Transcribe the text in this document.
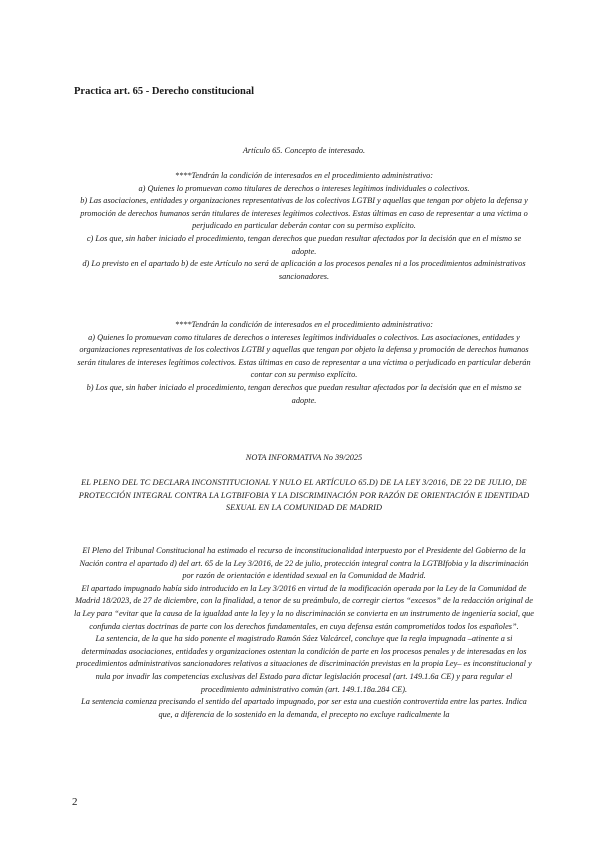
Practica art. 65 - Derecho constitucional

Artículo 65. Concepto de interesado.

****Tendrán la condición de interesados en el procedimiento administrativo:

a) Quienes lo promuevan como titulares de derechos o intereses legítimos individuales o colectivos.

b) Las asociaciones, entidades y organizaciones representativas de los colectivos LGTBI y aquellas que tengan por objeto la defensa y promoción de derechos humanos serán titulares de intereses legítimos colectivos. Estas últimas en caso de representar a una víctima o perjudicado en particular deberán contar con su permiso explícito.

c) Los que, sin haber iniciado el procedimiento, tengan derechos que puedan resultar afectados por la decisión que en el mismo se adopte.

d) Lo previsto en el apartado b) de este Artículo no será de aplicación a los procesos penales ni a los procedimientos administrativos sancionadores.

****Tendrán la condición de interesados en el procedimiento administrativo:

a) Quienes lo promuevan como titulares de derechos o intereses legítimos individuales o colectivos. Las asociaciones, entidades y organizaciones representativas de los colectivos LGTBI y aquellas que tengan por objeto la defensa y promoción de derechos humanos serán titulares de intereses legítimos colectivos. Estas últimas en caso de representar a una víctima o perjudicado en particular deberán contar con su permiso explícito.

b) Los que, sin haber iniciado el procedimiento, tengan derechos que puedan resultar afectados por la decisión que en el mismo se adopte.

NOTA INFORMATIVA No 39/2025

EL PLENO DEL TC DECLARA INCONSTITUCIONAL Y NULO EL ARTÍCULO 65.D) DE LA LEY 3/2016, DE 22 DE JULIO, DE PROTECCIÓN INTEGRAL CONTRA LA LGTBIFOBIA Y LA DISCRIMINACIÓN POR RAZÓN DE ORIENTACIÓN E IDENTIDAD SEXUAL EN LA COMUNIDAD DE MADRID

El Pleno del Tribunal Constitucional ha estimado el recurso de inconstitucionalidad interpuesto por el Presidente del Gobierno de la Nación contra el apartado d) del art. 65 de la Ley 3/2016, de 22 de julio, protección integral contra la LGTBIfobia y la discriminación por razón de orientación e identidad sexual en la Comunidad de Madrid.

El apartado impugnado había sido introducido en la Ley 3/2016 en virtud de la modificación operada por la Ley de la Comunidad de Madrid 18/2023, de 27 de diciembre, con la finalidad, a tenor de su preámbulo, de corregir ciertos “excesos” de la redacción original de la Ley para “evitar que la causa de la igualdad ante la ley y la no discriminación se convierta en un instrumento de ingeniería social, que confunda ciertas doctrinas de parte con los derechos fundamentales, en cuya defensa están comprometidos todos los españoles”.

La sentencia, de la que ha sido ponente el magistrado Ramón Sáez Valcárcel, concluye que la regla impugnada –atinente a si determinadas asociaciones, entidades y organizaciones ostentan la condición de parte en los procesos penales y de interesadas en los procedimientos administrativos sancionadores relativos a situaciones de discriminación previstas en la propia Ley– es inconstitucional y nula por invadir las competencias exclusivas del Estado para dictar legislación procesal (art. 149.1.6a CE) y para regular el procedimiento administrativo común (art. 149.1.18a.284 CE).

La sentencia comienza precisando el sentido del apartado impugnado, por ser esta una cuestión controvertida entre las partes. Indica que, a diferencia de lo sostenido en la demanda, el precepto no excluye radicalmente la

2
